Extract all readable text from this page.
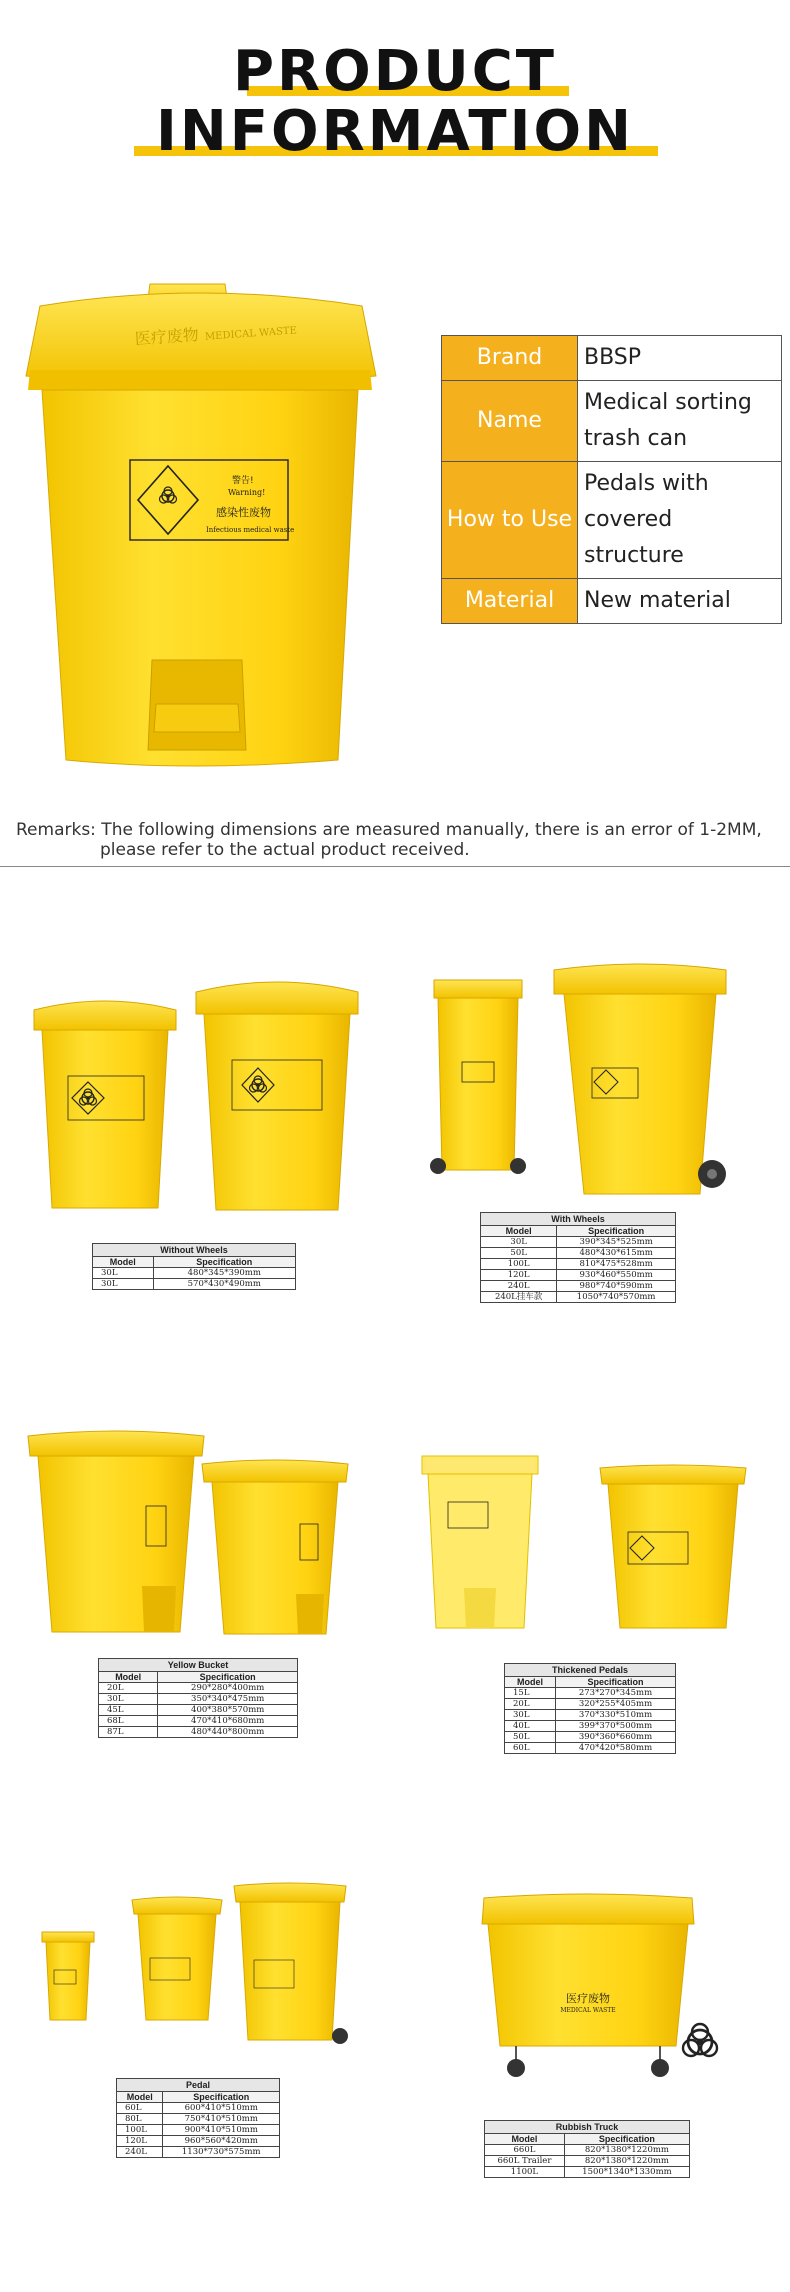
PRODUCT
INFORMATION
医疗废物 MEDICAL WASTE
警告!
Warning!
感染性废物
Infectious medical waste
Brand	BBSP
Name	Medical sorting trash can
How to Use	Pedals with covered structure
Material	New material
Remarks: The following dimensions are measured manually, there is an error of 1-2MM,
please refer to the actual product received.
Without Wheels
Model	Specification
30L	480*345*390mm
30L	570*430*490mm
With Wheels
Model	Specification
30L	390*345*525mm
50L	480*430*615mm
100L	810*475*528mm
120L	930*460*550mm
240L	980*740*590mm
240L挂车款	1050*740*570mm
Yellow Bucket
Model	Specification
20L	290*280*400mm
30L	350*340*475mm
45L	400*380*570mm
68L	470*410*680mm
87L	480*440*800mm
Thickened Pedals
Model	Specification
15L	273*270*345mm
20L	320*255*405mm
30L	370*330*510mm
40L	399*370*500mm
50L	390*360*660mm
60L	470*420*580mm
Pedal
Model	Specification
60L	600*410*510mm
80L	750*410*510mm
100L	900*410*510mm
120L	960*560*420mm
240L	1130*730*575mm
医疗废物
MEDICAL WASTE
Rubbish Truck
Model	Specification
660L	820*1380*1220mm
660L Trailer	820*1380*1220mm
1100L	1500*1340*1330mm
